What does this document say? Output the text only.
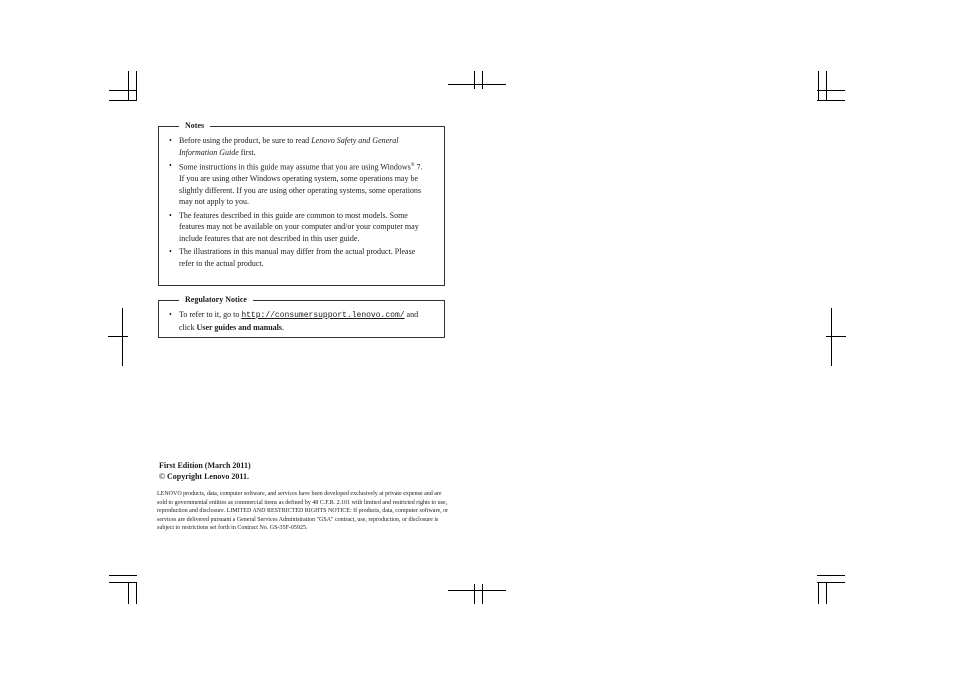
Notes
• Before using the product, be sure to read Lenovo Safety and General Information Guide first.
• Some instructions in this guide may assume that you are using Windows® 7. If you are using other Windows operating system, some operations may be slightly different. If you are using other operating systems, some operations may not apply to you.
• The features described in this guide are common to most models. Some features may not be available on your computer and/or your computer may include features that are not described in this user guide.
• The illustrations in this manual may differ from the actual product. Please refer to the actual product.
Regulatory Notice
• To refer to it, go to http://consumersupport.lenovo.com/ and click User guides and manuals.
First Edition (March 2011)
© Copyright Lenovo 2011.
LENOVO products, data, computer software, and services have been developed exclusively at private expense and are sold to governmental entities as commercial items as defined by 48 C.F.R. 2.101 with limited and restricted rights to use, reproduction and disclosure. LIMITED AND RESTRICTED RIGHTS NOTICE: If products, data, computer software, or services are delivered pursuant a General Services Administration "GSA" contract, use, reproduction, or disclosure is subject to restrictions set forth in Contract No. GS-35F-05925.
